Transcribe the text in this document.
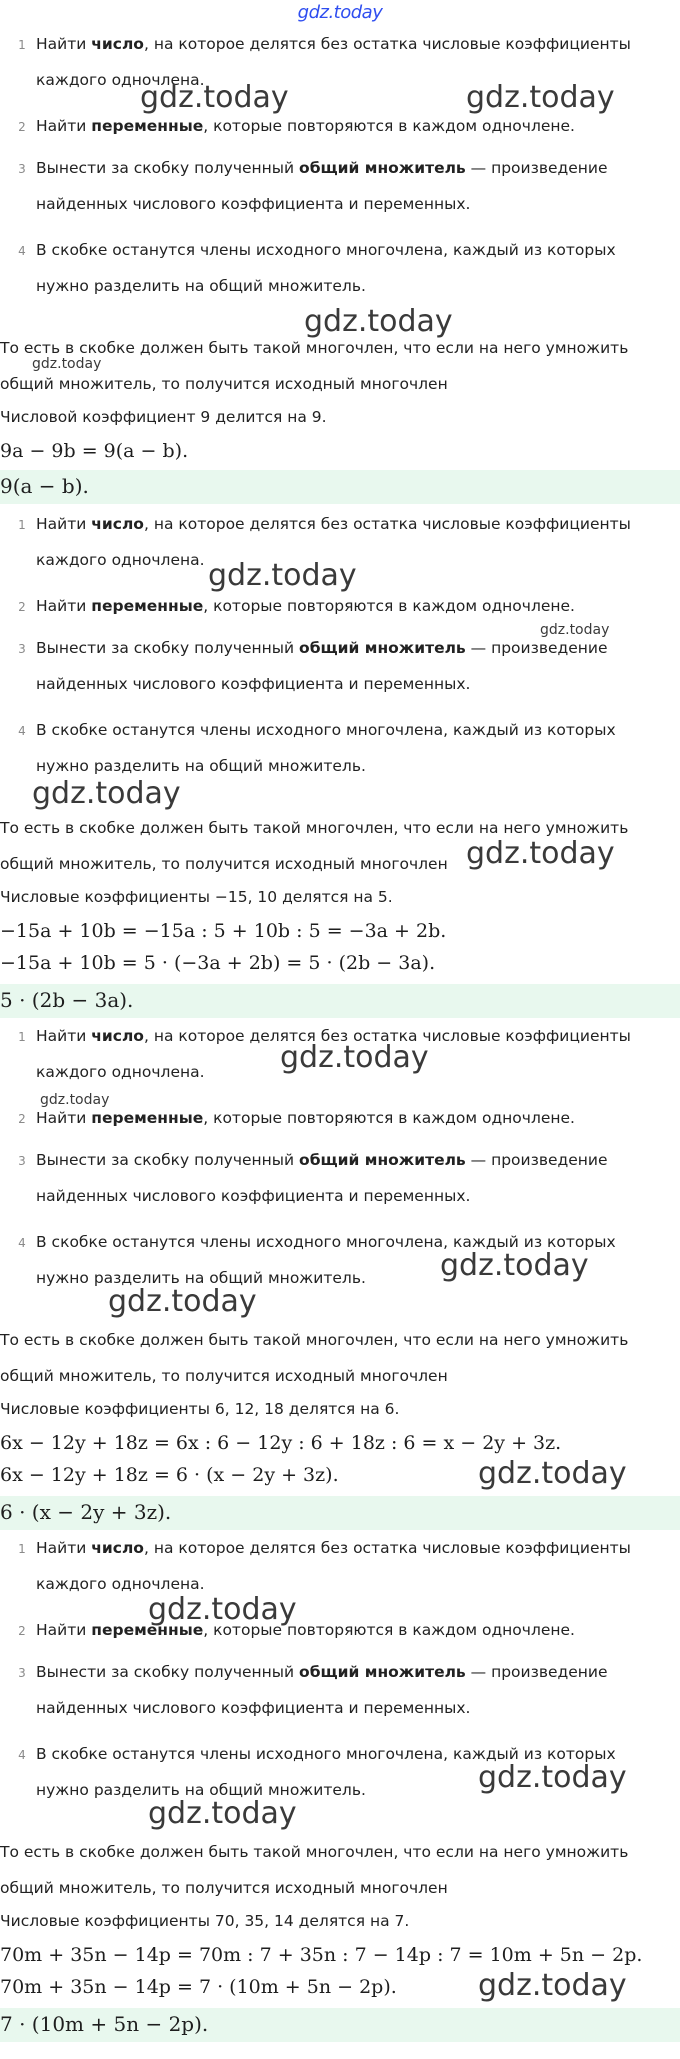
gdz.today
1 Найти число, на которое делятся без остатка числовые коэффициенты каждого одночлена.
2 Найти переменные, которые повторяются в каждом одночлене.
3 Вынести за скобку полученный общий множитель — произведение найденных числового коэффициента и переменных.
4 В скобке останутся члены исходного многочлена, каждый из которых нужно разделить на общий множитель.
То есть в скобке должен быть такой многочлен, что если на него умножить общий множитель, то получится исходный многочлен
Числовой коэффициент 9 делится на 9.
9a − 9b = 9(a − b).
9(a − b).
1 Найти число, на которое делятся без остатка числовые коэффициенты каждого одночлена.
2 Найти переменные, которые повторяются в каждом одночлене.
3 Вынести за скобку полученный общий множитель — произведение найденных числового коэффициента и переменных.
4 В скобке останутся члены исходного многочлена, каждый из которых нужно разделить на общий множитель.
То есть в скобке должен быть такой многочлен, что если на него умножить общий множитель, то получится исходный многочлен
Числовые коэффициенты −15, 10 делятся на 5.
−15a + 10b = −15a : 5 + 10b : 5 = −3a + 2b.
−15a + 10b = 5 · (−3a + 2b) = 5 · (2b − 3a).
5 · (2b − 3a).
1 Найти число, на которое делятся без остатка числовые коэффициенты каждого одночлена.
2 Найти переменные, которые повторяются в каждом одночлене.
3 Вынести за скобку полученный общий множитель — произведение найденных числового коэффициента и переменных.
4 В скобке останутся члены исходного многочлена, каждый из которых нужно разделить на общий множитель.
То есть в скобке должен быть такой многочлен, что если на него умножить общий множитель, то получится исходный многочлен
Числовые коэффициенты 6, 12, 18 делятся на 6.
6x − 12y + 18z = 6x : 6 − 12y : 6 + 18z : 6 = x − 2y + 3z.
6x − 12y + 18z = 6 · (x − 2y + 3z).
6 · (x − 2y + 3z).
1 Найти число, на которое делятся без остатка числовые коэффициенты каждого одночлена.
2 Найти переменные, которые повторяются в каждом одночлене.
3 Вынести за скобку полученный общий множитель — произведение найденных числового коэффициента и переменных.
4 В скобке останутся члены исходного многочлена, каждый из которых нужно разделить на общий множитель.
То есть в скобке должен быть такой многочлен, что если на него умножить общий множитель, то получится исходный многочлен
Числовые коэффициенты 70, 35, 14 делятся на 7.
70m + 35n − 14p = 70m : 7 + 35n : 7 − 14p : 7 = 10m + 5n − 2p.
70m + 35n − 14p = 7 · (10m + 5n − 2p).
7 · (10m + 5n − 2p).
gdz.today	gdz.today
gdz.today
gdz.today
gdz.today
gdz.today
gdz.today
gdz.today
gdz.today
gdz.today
gdz.today
gdz.today
gdz.today
gdz.today
gdz.today
gdz.today
gdz.today
